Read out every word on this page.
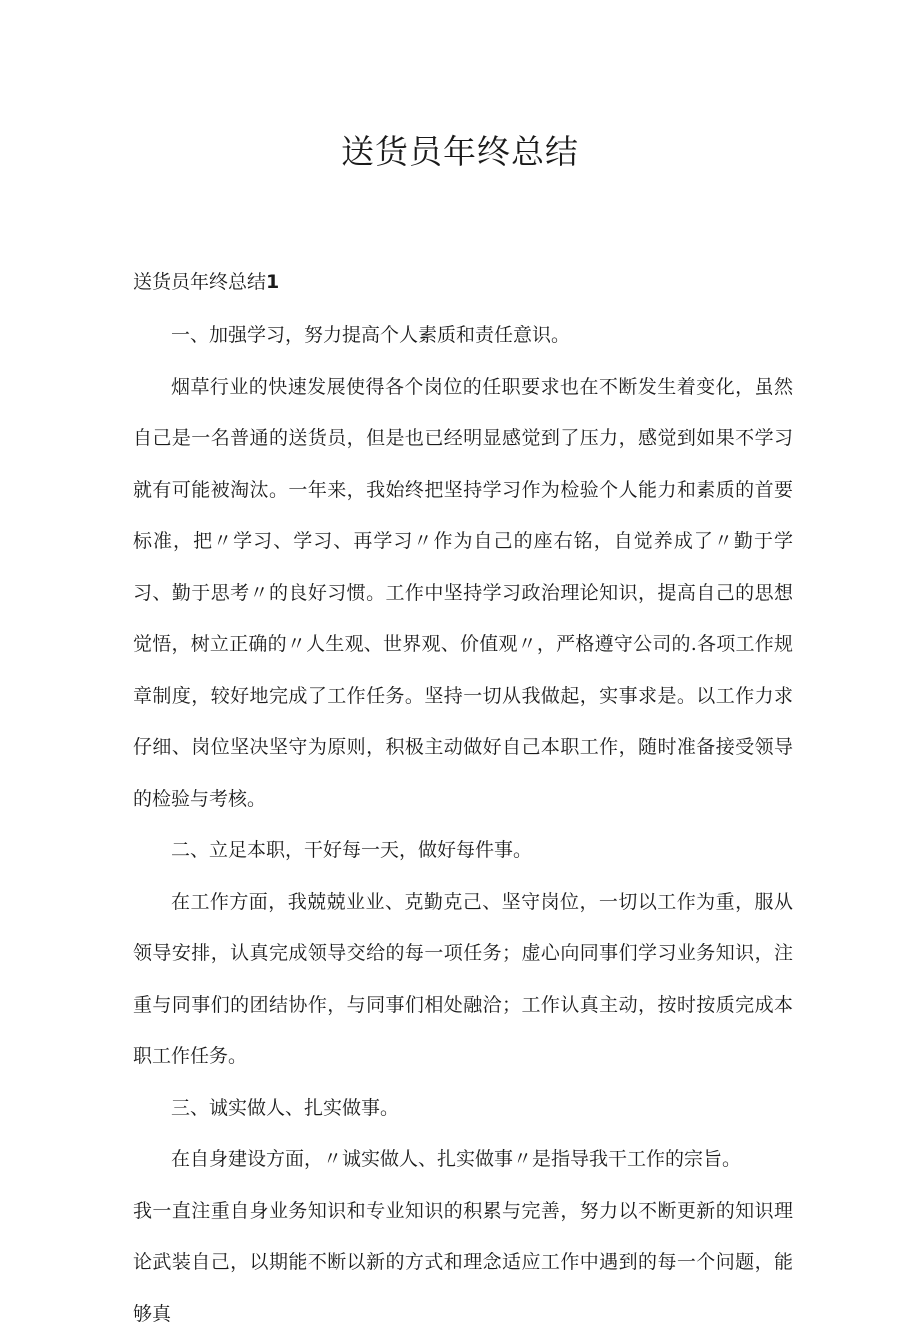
送货员年终总结
送货员年终总结1

一、加强学习，努力提高个人素质和责任意识。

烟草行业的快速发展使得各个岗位的任职要求也在不断发生着变化，虽然自己是一名普通的送货员，但是也已经明显感觉到了压力，感觉到如果不学习就有可能被淘汰。一年来，我始终把坚持学习作为检验个人能力和素质的首要标准，把〃学习、学习、再学习〃作为自己的座右铭，自觉养成了〃勤于学习、勤于思考〃的良好习惯。工作中坚持学习政治理论知识，提高自己的思想觉悟，树立正确的〃人生观、世界观、价值观〃，严格遵守公司的.各项工作规章制度，较好地完成了工作任务。坚持一切从我做起，实事求是。以工作力求仔细、岗位坚决坚守为原则，积极主动做好自己本职工作，随时准备接受领导的检验与考核。

二、立足本职，干好每一天，做好每件事。

在工作方面，我兢兢业业、克勤克己、坚守岗位，一切以工作为重，服从领导安排，认真完成领导交给的每一项任务；虚心向同事们学习业务知识，注重与同事们的团结协作，与同事们相处融洽；工作认真主动，按时按质完成本职工作任务。

三、诚实做人、扎实做事。

在自身建设方面，〃诚实做人、扎实做事〃是指导我干工作的宗旨。

我一直注重自身业务知识和专业知识的积累与完善，努力以不断更新的知识理论武装自己，以期能不断以新的方式和理念适应工作中遇到的每一个问题，能够真
